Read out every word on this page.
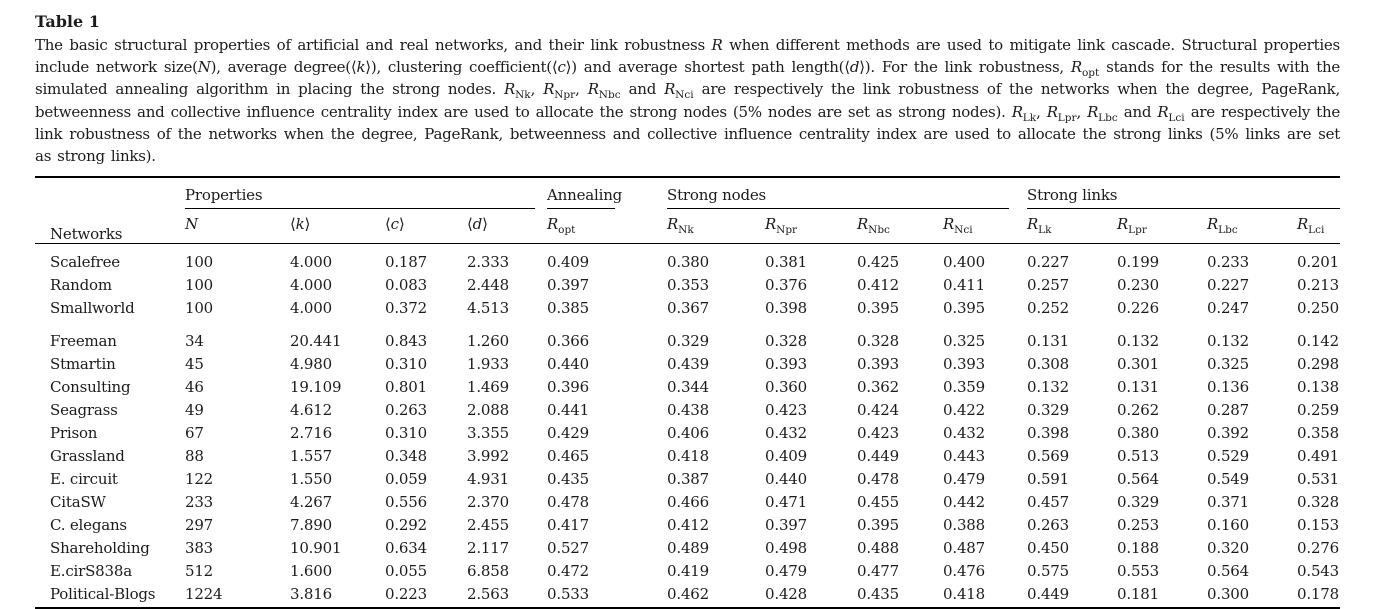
Table 1
The basic structural properties of artificial and real networks, and their link robustness R when different methods are used to mitigate link cascade. Structural properties include network size(N), average degree(⟨k⟩), clustering coefficient(⟨c⟩) and average shortest path length(⟨d⟩). For the link robustness, $R_{opt}$ stands for the results with the simulated annealing algorithm in placing the strong nodes. $R_{Nk}$, $R_{Npr}$, $R_{Nbc}$ and $R_{Nci}$ are respectively the link robustness of the networks when the degree, PageRank, betweenness and collective influence centrality index are used to allocate the strong nodes (5% nodes are set as strong nodes). $R_{Lk}$, $R_{Lpr}$, $R_{Lbc}$ and $R_{Lci}$ are respectively the link robustness of the networks when the degree, PageRank, betweenness and collective influence centrality index are used to allocate the strong links (5% links are set as strong links).
Networks	Properties				Annealing	Strong nodes				Strong links			

	N	⟨k⟩	⟨c⟩	⟨d⟩	$R_{opt}$	$R_{Nk}$	$R_{Npr}$	$R_{Nbc}$	$R_{Nci}$	$R_{Lk}$	$R_{Lpr}$	$R_{Lbc}$	$R_{Lci}$
Scalefree	100	4.000	0.187	2.333	0.409	0.380	0.381	0.425	0.400	0.227	0.199	0.233	0.201
Random	100	4.000	0.083	2.448	0.397	0.353	0.376	0.412	0.411	0.257	0.230	0.227	0.213
Smallworld	100	4.000	0.372	4.513	0.385	0.367	0.398	0.395	0.395	0.252	0.226	0.247	0.250
Freeman	34	20.441	0.843	1.260	0.366	0.329	0.328	0.328	0.325	0.131	0.132	0.132	0.142
Stmartin	45	4.980	0.310	1.933	0.440	0.439	0.393	0.393	0.393	0.308	0.301	0.325	0.298
Consulting	46	19.109	0.801	1.469	0.396	0.344	0.360	0.362	0.359	0.132	0.131	0.136	0.138
Seagrass	49	4.612	0.263	2.088	0.441	0.438	0.423	0.424	0.422	0.329	0.262	0.287	0.259
Prison	67	2.716	0.310	3.355	0.429	0.406	0.432	0.423	0.432	0.398	0.380	0.392	0.358
Grassland	88	1.557	0.348	3.992	0.465	0.418	0.409	0.449	0.443	0.569	0.513	0.529	0.491
E. circuit	122	1.550	0.059	4.931	0.435	0.387	0.440	0.478	0.479	0.591	0.564	0.549	0.531
CitaSW	233	4.267	0.556	2.370	0.478	0.466	0.471	0.455	0.442	0.457	0.329	0.371	0.328
C. elegans	297	7.890	0.292	2.455	0.417	0.412	0.397	0.395	0.388	0.263	0.253	0.160	0.153
Shareholding	383	10.901	0.634	2.117	0.527	0.489	0.498	0.488	0.487	0.450	0.188	0.320	0.276
E.cirS838a	512	1.600	0.055	6.858	0.472	0.419	0.479	0.477	0.476	0.575	0.553	0.564	0.543
Political-Blogs	1224	3.816	0.223	2.563	0.533	0.462	0.428	0.435	0.418	0.449	0.181	0.300	0.178
